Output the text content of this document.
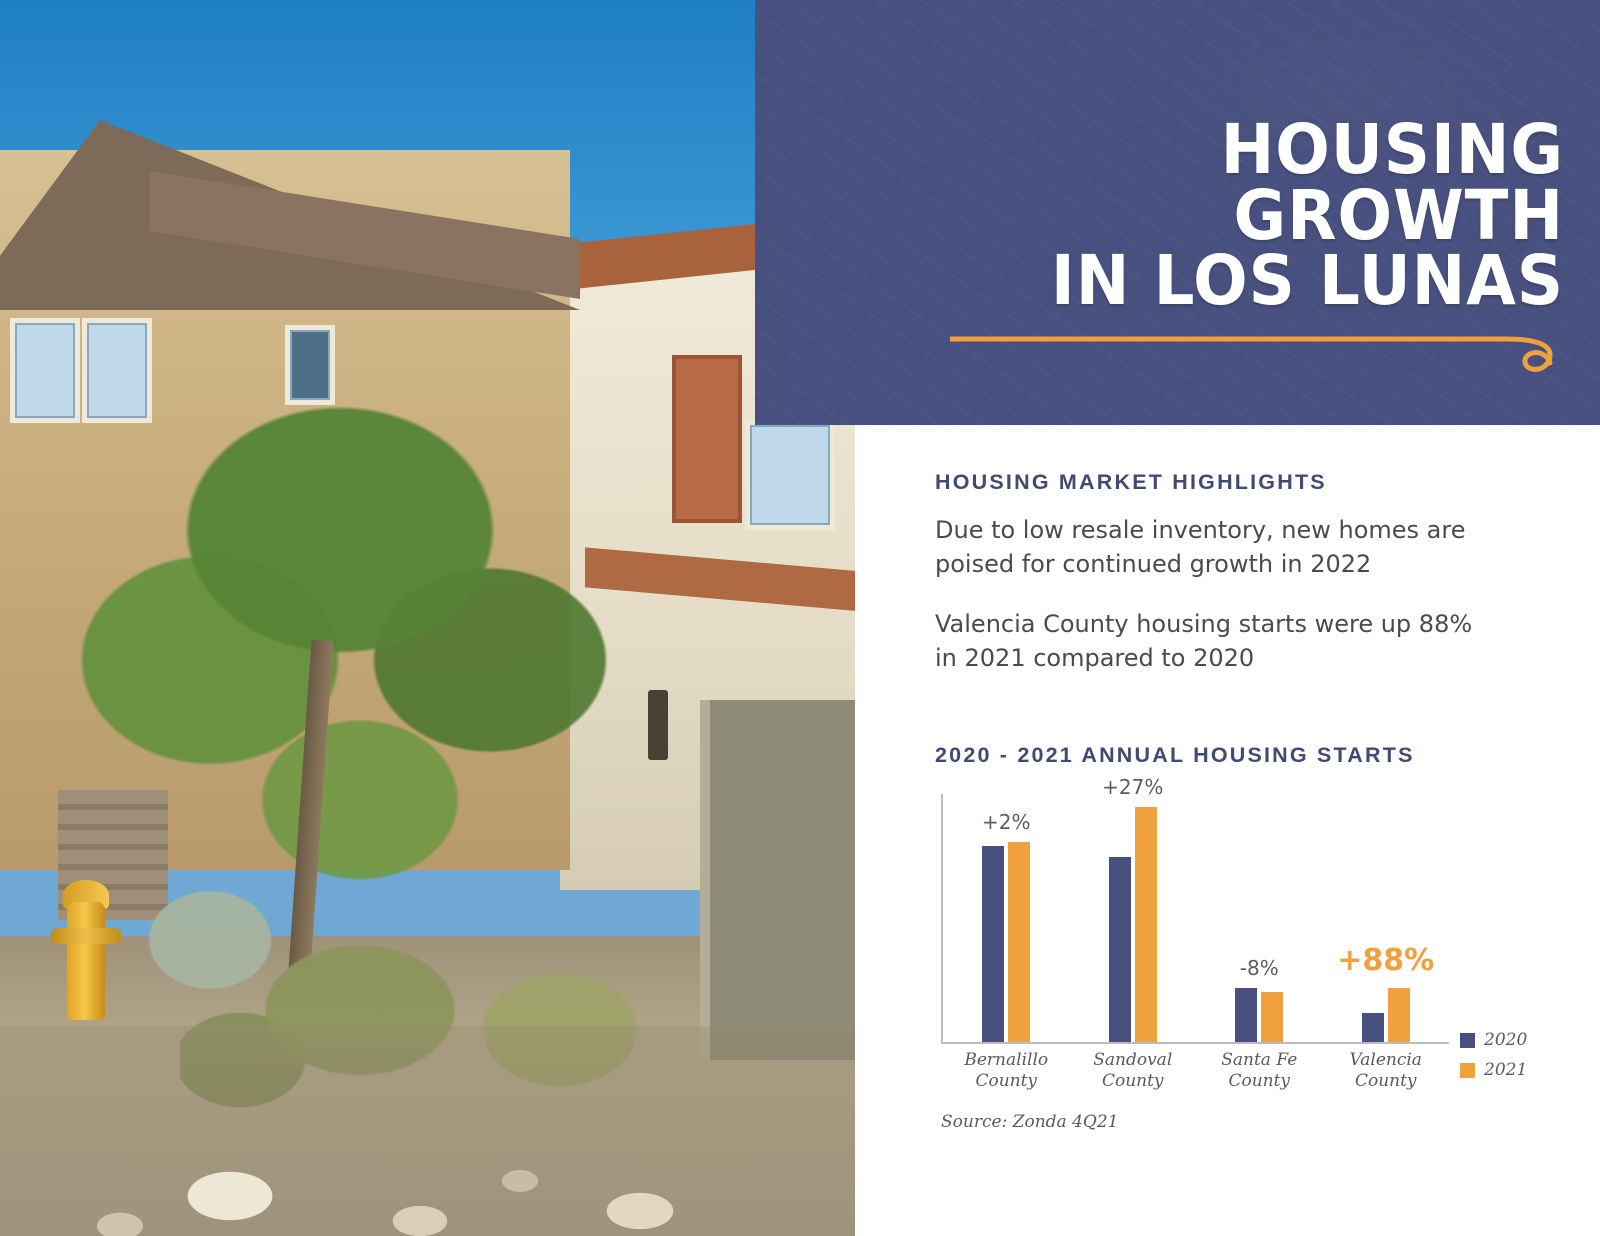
HOUSING GROWTH
IN LOS LUNAS
HOUSING MARKET HIGHLIGHTS

Due to low resale inventory, new homes are poised for continued growth in 2022

Valencia County housing starts were up 88% in 2021 compared to 2020

2020 - 2021 ANNUAL HOUSING STARTS
+2%
+27%
-8% +88%
Bernalillo
County
Sandoval
County
Santa Fe
County
Valencia
County
2020
2021
Source: Zonda 4Q21
